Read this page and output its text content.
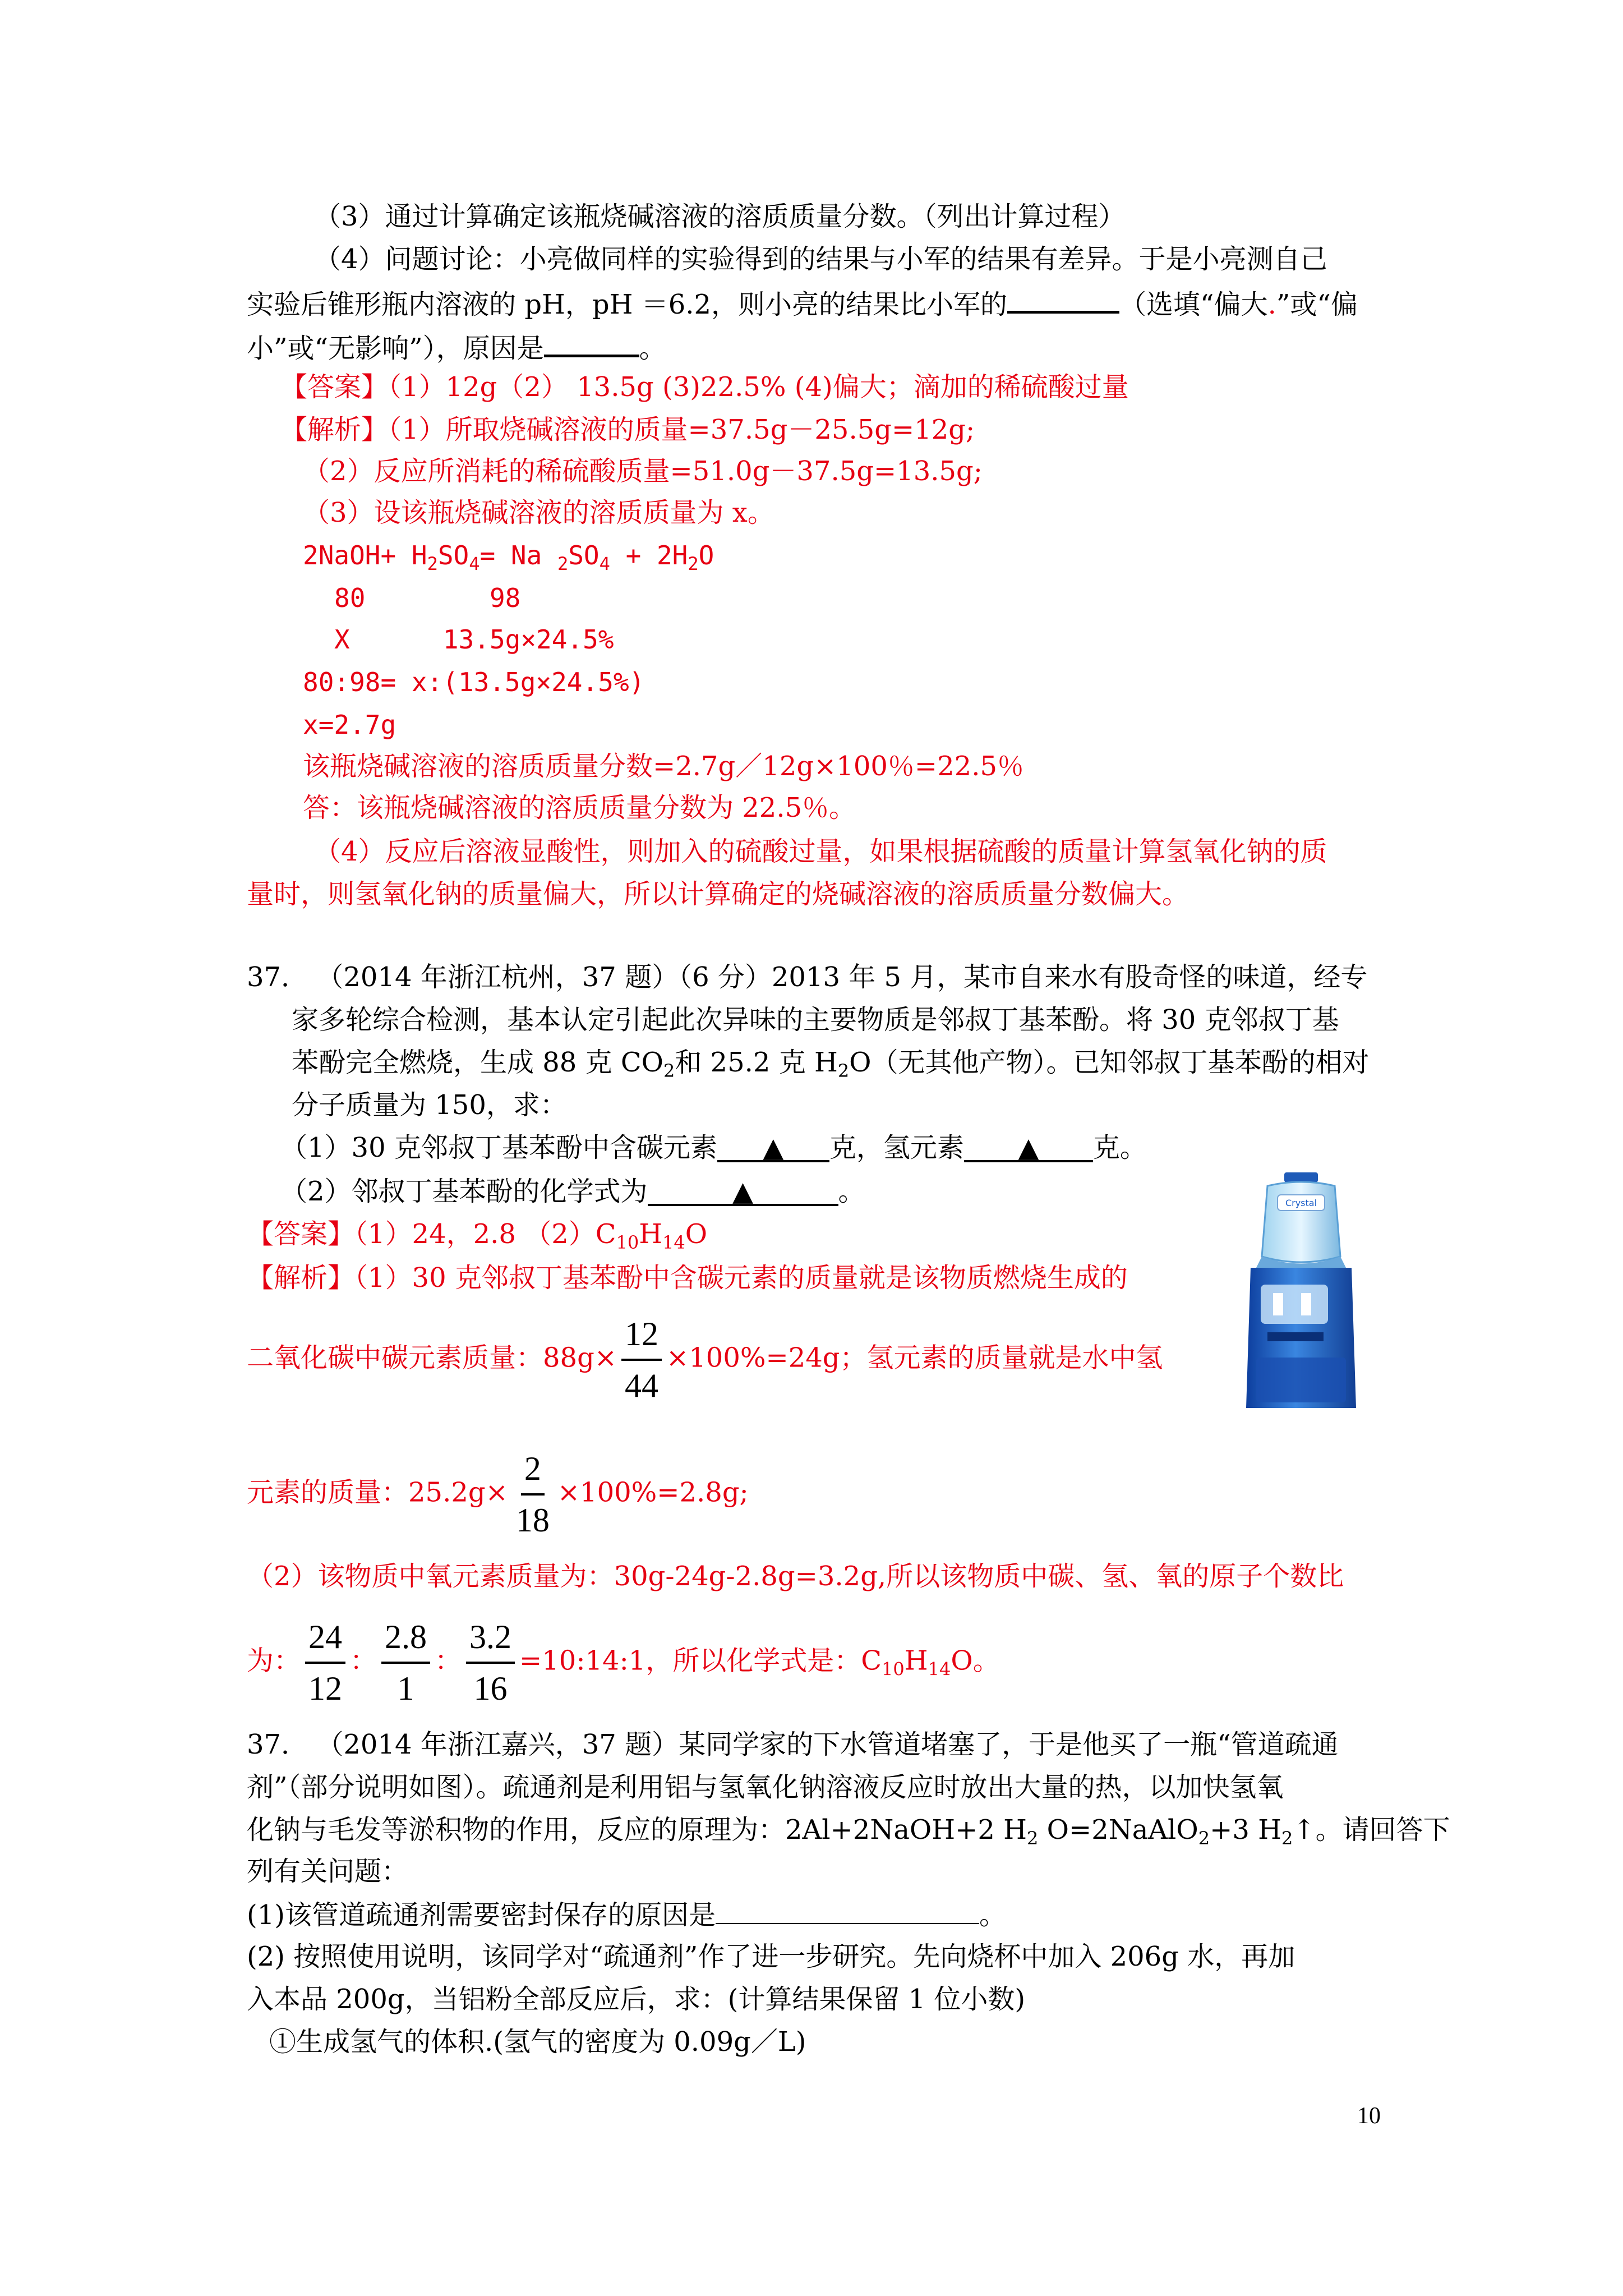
（3）通过计算确定该瓶烧碱溶液的溶质质量分数。（列出计算过程）
（4）问题讨论：小亮做同样的实验得到的结果与小军的结果有差异。于是小亮测自己
实验后锥形瓶内溶液的 pH，pH ＝6.2，则小亮的结果比小军的	（选填“偏大.”或“偏
小”或“无影响”），原因是	。
【答案】（1）12g（2） 13.5g (3)22.5% (4)偏大；滴加的稀硫酸过量
【解析】（1）所取烧碱溶液的质量=37.5g－25.5g=12g;
（2）反应所消耗的稀硫酸质量=51.0g－37.5g=13.5g;
（3）设该瓶烧碱溶液的溶质质量为 x。
2NaOH+ $H_2SO_4= Na$ $_2SO_4 + 2H_2O$
80        98
X      13.5g×24.5%
80:98= x:(13.5g×24.5%)
x=2.7g
该瓶烧碱溶液的溶质质量分数=2.7g／12g×100％=22.5％
答：该瓶烧碱溶液的溶质质量分数为 22.5％。
（4）反应后溶液显酸性，则加入的硫酸过量，如果根据硫酸的质量计算氢氧化钠的质
量时，则氢氧化钠的质量偏大，所以计算确定的烧碱溶液的溶质质量分数偏大。
37． （2014 年浙江杭州，37 题）（6 分）2013 年 5 月，某市自来水有股奇怪的味道，经专
家多轮综合检测，基本认定引起此次异味的主要物质是邻叔丁基苯酚。将 30 克邻叔丁基
苯酚完全燃烧，生成 88 克 $CO_2$和 25.2 克 $H_2O$（无其他产物）。已知邻叔丁基苯酚的相对
分子质量为 150，求：
（1）30 克邻叔丁基苯酚中含碳元素 ▲ 克，氢元素 ▲ 克。
（2）邻叔丁基苯酚的化学式为	▲	。
【答案】（1）24，2.8 $(2)C_{10}H_{14}O$
【解析】（1）30 克邻叔丁基苯酚中含碳元素的质量就是该物质燃烧生成的
二氧化碳中碳元素质量：$88g\times \frac{12}{44} \times 100\%=24g$；氢元素的质量就是水中氢
元素的质量：$25.2g\times \frac{2}{18} \times 100\%=2.8g$;
（2）该物质中氧元素质量为：30g-24g-2.8g=3.2g,所以该物质中碳、氢、氧的原子个数比
为： $\frac{24}{12}$ ： $\frac{2.8}{1}$ ： $\frac{3.2}{16}$ =10:14:1，所以化学式是：$C_{10}H_{14}O$。
Crystal
37． （2014 年浙江嘉兴，37 题）某同学家的下水管道堵塞了，于是他买了一瓶“管道疏通
剂”（部分说明如图）。疏通剂是利用铝与氢氧化钠溶液反应时放出大量的热，以加快氢氧
化钠与毛发等淤积物的作用，反应的原理为：2Al+2NaOH+2 $H_2$ O=2NaAlO$_2$+3 $H_2↑$。请回答下
列有关问题：
(1)该管道疏通剂需要密封保存的原因是	。
(2) 按照使用说明，该同学对“疏通剂”作了进一步研究。先向烧杯中加入 206g 水，再加
入本品 200g，当铝粉全部反应后，求：(计算结果保留 1 位小数)
①生成氢气的体积.(氢气的密度为 0.09g／L)
10
